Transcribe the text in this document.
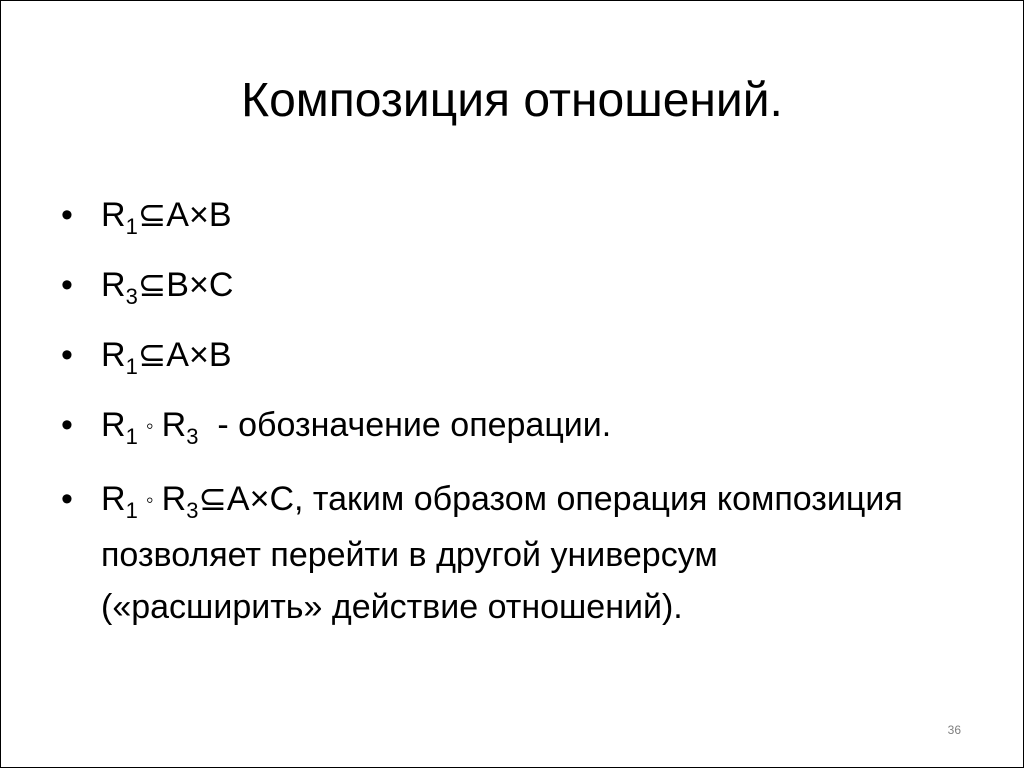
Композиция отношений.
• $R_1⊆A\times B$
• $R_3⊆B\times C$
• $R_1⊆A\times B$
• $R_1$ ◦ $R_3$  - обозначение операции.
• $R_1$ ◦ $R_3⊆A\times C$, таким образом операция композиция позволяет перейти в другой универсум («расширить» действие отношений).
36
